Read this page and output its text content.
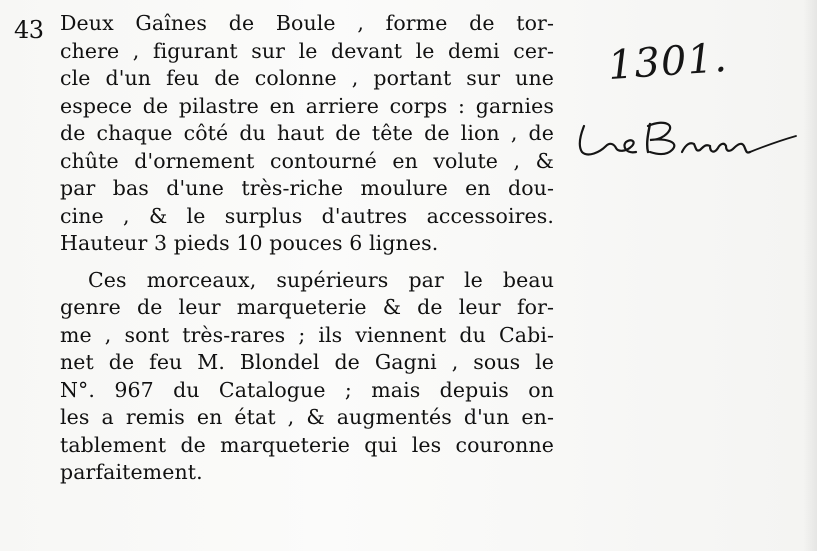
43 Deux Gaînes de Boule , forme de tor-
chere , figurant sur le devant le demi cer-
cle d'un feu de colonne , portant sur une
espece de pilastre en arriere corps : garnies
de chaque côté du haut de tête de lion , de
chûte d'ornement contourné en volute , &
par bas d'une très-riche moulure en dou-
cine , & le surplus d'autres accessoires.
Hauteur 3 pieds 10 pouces 6 lignes.
Ces morceaux, supérieurs par le beau
genre de leur marqueterie & de leur for-
me , sont très-rares ; ils viennent du Cabi-
net de feu M. Blondel de Gagni , sous le
N°. 967 du Catalogue ; mais depuis on
les a remis en état , & augmentés d'un en-
tablement de marqueterie qui les couronne
parfaitement.
1301.
